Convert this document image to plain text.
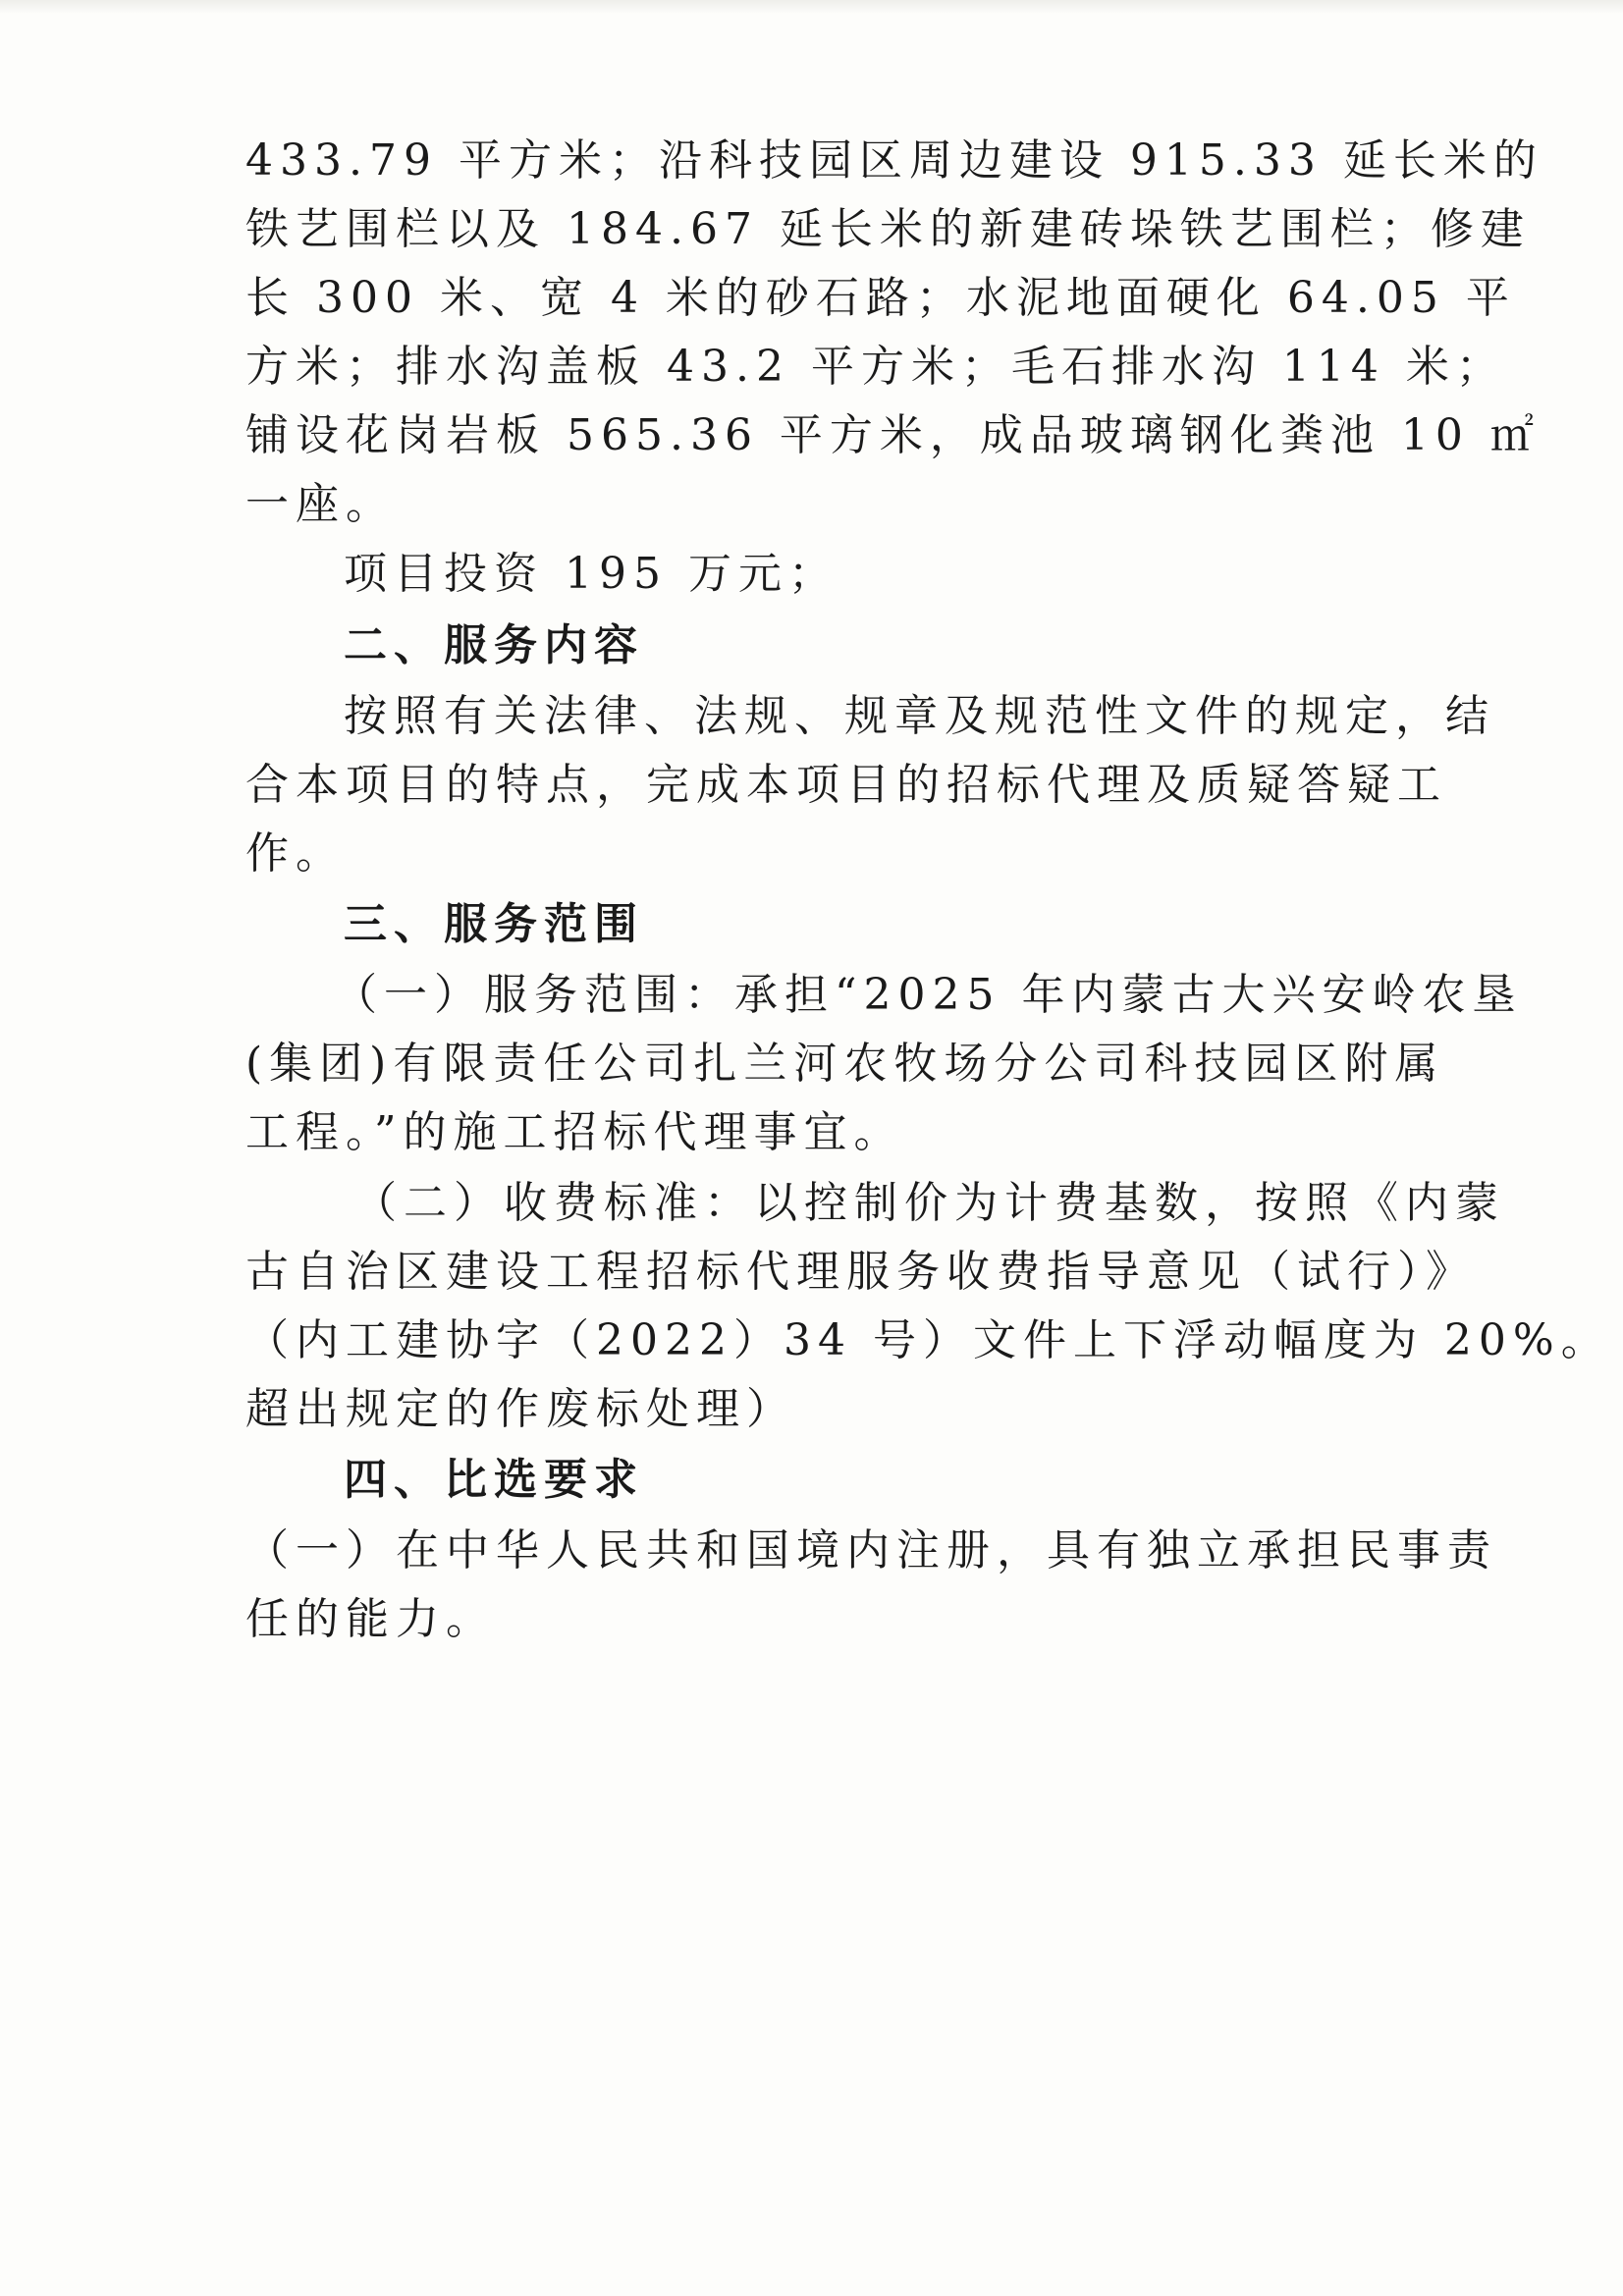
433.79 平方米；沿科技园区周边建设 915.33 延长米的
铁艺围栏以及 184.67 延长米的新建砖垛铁艺围栏；修建
长 300 米、宽 4 米的砂石路；水泥地面硬化 64.05 平
方米；排水沟盖板 43.2 平方米；毛石排水沟 114 米；
铺设花岗岩板 565.36 平方米，成品玻璃钢化粪池 10 ㎡
一座。
项目投资 195 万元；
二、服务内容
按照有关法律、法规、规章及规范性文件的规定，结
合本项目的特点，完成本项目的招标代理及质疑答疑工
作。
三、服务范围
（一）服务范围：承担“2025 年内蒙古大兴安岭农垦
(集团)有限责任公司扎兰河农牧场分公司科技园区附属
工程。”的施工招标代理事宜。
（二）收费标准：以控制价为计费基数，按照《内蒙
古自治区建设工程招标代理服务收费指导意见（试行）》
（内工建协字（2022）34 号）文件上下浮动幅度为 20%。
超出规定的作废标处理）
四、比选要求
（一）在中华人民共和国境内注册，具有独立承担民事责
任的能力。
